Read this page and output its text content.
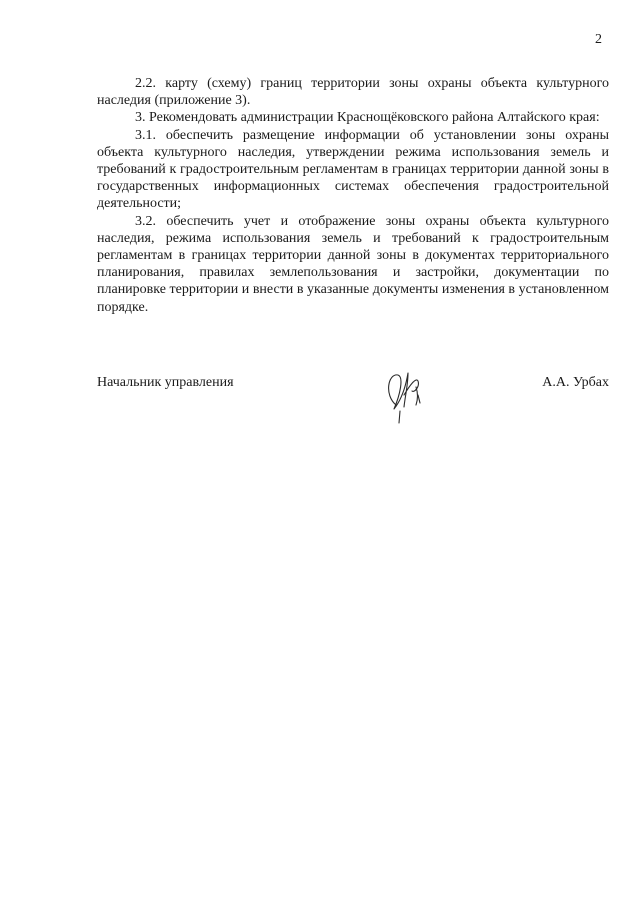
2

2.2. карту (схему) границ территории зоны охраны объекта культурного наследия (приложение 3).

3. Рекомендовать администрации Краснощёковского района Алтайского края:

3.1. обеспечить размещение информации об установлении зоны охраны объекта культурного наследия, утверждении режима использования земель и требований к градостроительным регламентам в границах территории данной зоны в государственных информационных системах обеспечения градостроительной деятельности;

3.2. обеспечить учет и отображение зоны охраны объекта культурного наследия, режима использования земель и требований к градостроительным регламентам в границах территории данной зоны в документах территориального планирования, правилах землепользования и застройки, документации по планировке территории и внести в указанные документы изменения в установленном порядке.

Начальник управления	А.А. Урбах
